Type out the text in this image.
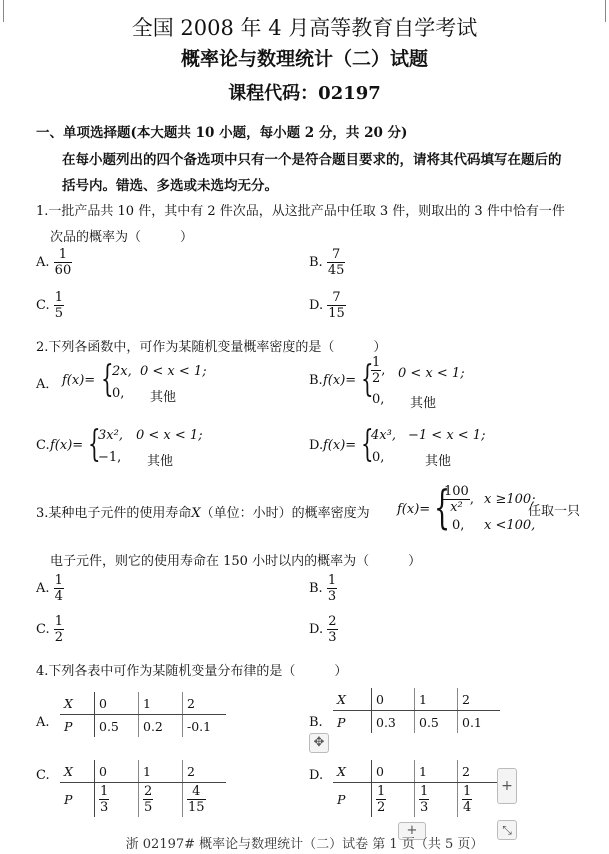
全国 2008 年 4 月高等教育自学考试
概率论与数理统计（二）试题
课程代码：02197
一、单项选择题(本大题共 10 小题，每小题 2 分，共 20 分)
在每小题列出的四个备选项中只有一个是符合题目要求的，请将其代码填写在题后的
括号内。错选、多选或未选均无分。
1.一批产品共 10 件，其中有 2 件次品，从这批产品中任取 3 件，则取出的 3 件中恰有一件
次品的概率为（　　　）
A. $\frac{1}{60}$	B. $\frac{7}{45}$
C. $\frac{1}{5}$	D. $\frac{7}{15}$
2.下列各函数中，可作为某随机变量概率密度的是（　　　）
A． f(x)= {
2x, 0 < x < 1;
0, 其他
B. f(x)= {
$\frac{1}{2}$ , 0 < x < 1;
0, 其他
C. f(x)= {
3x², 0 < x < 1;
−1, 其他
D. f(x)= {
4x³, −1 < x < 1;
0,	其他
3.某种电子元件的使用寿命X（单位：小时）的概率密度为 f(x)= {
$\frac{100}{\text{x²}}$ , x ≥100;
0, x <100,
任取一只
电子元件，则它的使用寿命在 150 小时以内的概率为（　　　）
A. $\frac{1}{4}$	B. $\frac{1}{3}$
C. $\frac{1}{2}$	D. $\frac{2}{3}$
4.下列各表中可作为某随机变量分布律的是（　　　）
A.
X	0	1	2
P	0.5	0.2	-0.1	B.
X	0	1	2
P	0.3	0.5	0.1
C. X	0	1	2
P	$\frac{1}{3}$	$\frac{2}{5}$	$\frac{4}{15}$
D. X	0	1	2
P	$\frac{1}{2}$	$\frac{1}{3}$	$\frac{1}{4}$
✥
+
+	⤡
浙 02197# 概率论与数理统计（二）试卷 第 1 页（共 5 页）
